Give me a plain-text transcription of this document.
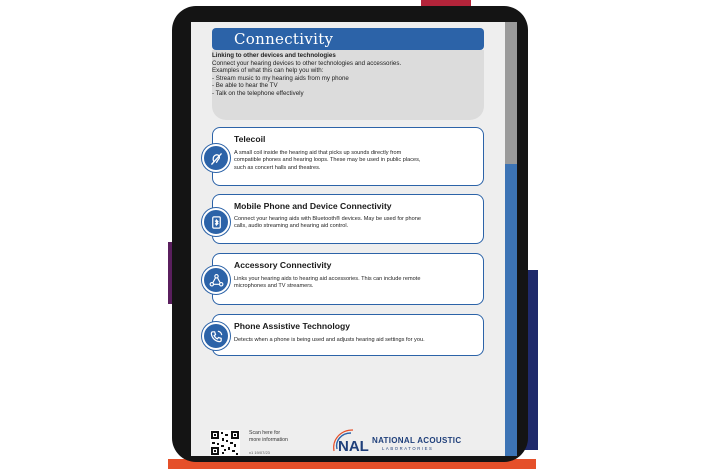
Connectivity
Linking to other devices and technologies
Connect your hearing devices to other technologies and accessories.
Examples of what this can help you with:
- Stream music to my hearing aids from my phone
- Be able to hear the TV
- Talk on the telephone effectively
Telecoil
A small coil inside the hearing aid that picks up sounds directly from
compatible phones and hearing loops. These may be used in public places,
such as concert halls and theatres.
Mobile Phone and Device Connectivity
Connect your hearing aids with Bluetooth® devices. May be used for phone
calls, audio streaming and hearing aid control.
Accessory Connectivity
Links your hearing aids to hearing aid accessories. This can include remote
microphones and TV streamers.
Phone Assistive Technology
Detects when a phone is being used and adjusts hearing aid settings for you.
Scan here for
more information
v1 19/07/23	NAL NATIONAL ACOUSTIC
LABORATORIES
